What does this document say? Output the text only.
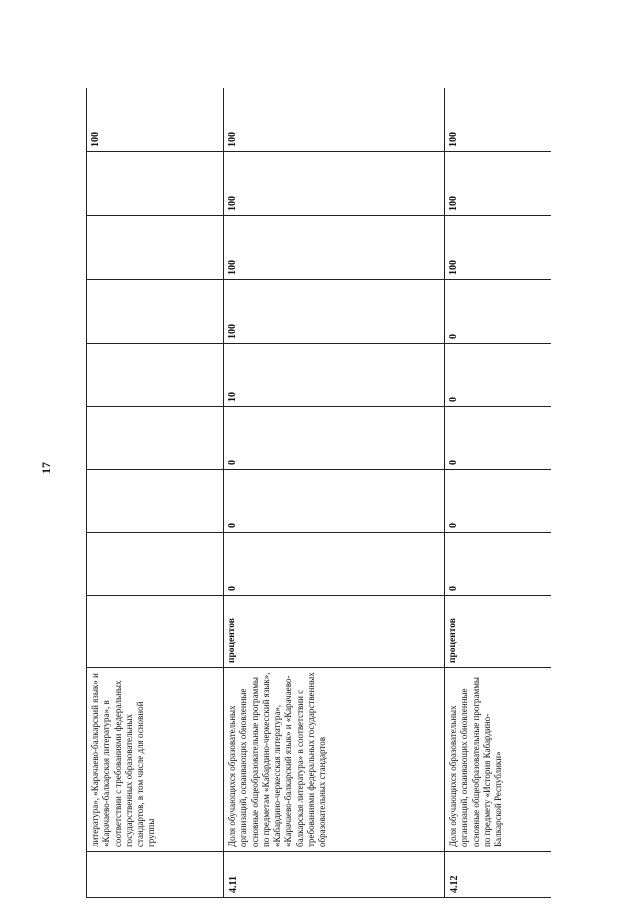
17
	литература», «Карачаево-балкарский язык» и «Карачаево-балкарская литература», в соответствии с требованиями федеральных государственных образовательных стандартов, в том числе для основной группы									100
4.11	Доля обучающихся образовательных организаций, осваивающих обновленные основные общеобразовательные программы по предметам «Кабардино-черкесский язык», «Кабардино-черкесская литература», «Карачаево-балкарский язык» и «Карачаево-балкарская литература» в соответствии с требованиями федеральных государственных образовательных стандартов	процентов	0	0	0	10	100	100	100	100
4.12	Доля обучающихся образовательных организаций, осваивающих обновленные основные общеобразовательные программы по предмету «История Кабардино-Балкарской Республики»	процентов	0	0	0	0	0	100	100	100
